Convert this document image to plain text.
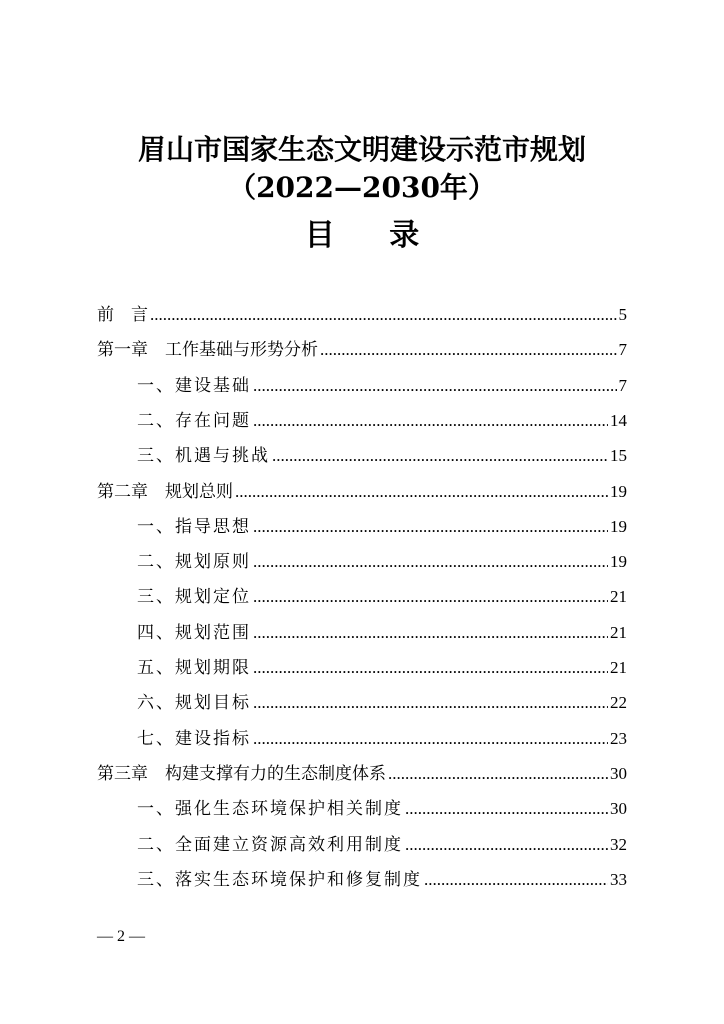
眉山市国家生态文明建设示范市规划
（2022—2030年）
目 录
前　言 .....	5
第一章　工作基础与形势分析 .....	7
一、建设基础 .....	7
二、存在问题 .....	14
三、机遇与挑战 .....	15
第二章　规划总则 .....	19
一、指导思想 .....	19
二、规划原则 .....	19
三、规划定位 .....	21
四、规划范围 .....	21
五、规划期限 .....	21
六、规划目标 .....	22
七、建设指标 .....	23
第三章　构建支撑有力的生态制度体系 .....	30
一、强化生态环境保护相关制度 .....	30
二、全面建立资源高效利用制度 .....	32
三、落实生态环境保护和修复制度 .....	33
— 2 —
